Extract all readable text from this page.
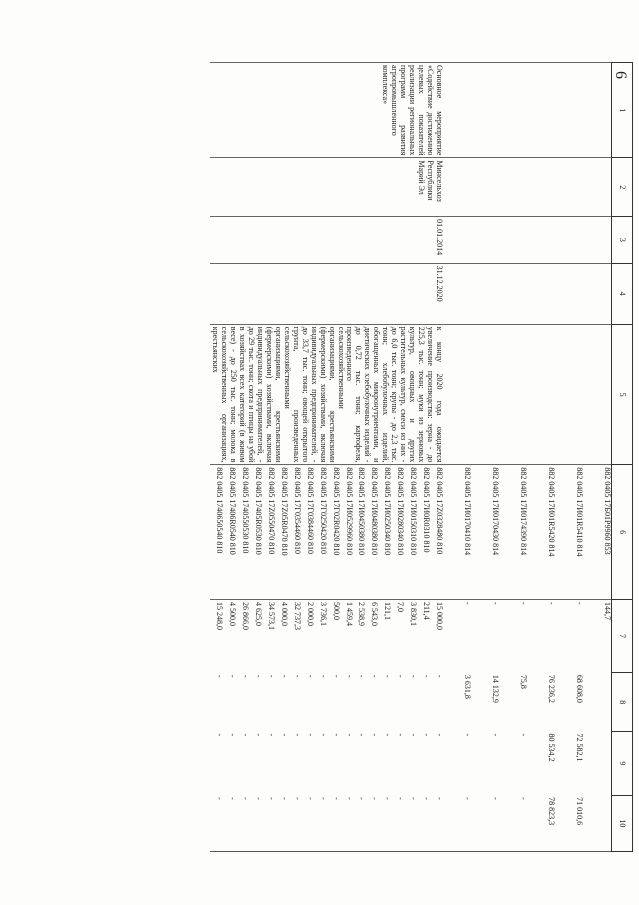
6
1	2	3	4	5	6	7	8	9	10
					882 0405 17Б01Р9960 853	144,7			
					882 0405 17И01R5410 814	-	68 608,0	72 582,1	71 010,6
					882 0405 17И01R5420 814	-	76 236,2	80 534,2	78 823,3
					882 0405 17И0174390 814	-	75,8	-	-
					882 0405 17И0170430 814	-	14 132,9	-	-
					882 0405 17И0170410 814	-	3 631,8	-	-
Основное мероприятие «Содействие достижению целевых показателей реализации региональных программ развития агропромышленного комплекса»	Минсельхоз Республики Марий Эл	01.01.2014	31.12.2020	к концу 2020 года ожидается увеличение производства: зерна - до 225,3 тыс. тонн; муки из зерновых культур, овощных и других растительных культур, смеси из них - до 6,0 тыс. тонн; крупы - до 2,3 тыс. тонн; хлебобулочных изделий, обогащенных микронутриентами, и диетических хлебобулочных изделий - до 0,72 тыс. тонн; картофеля, произведенного сельскохозяйственными организациями, крестьянскими (фермерскими) хозяйствами, включая индивидуальных предпринимателей, - до 33,7 тыс. тонн; овощей открытого грунта, произведенных сельскохозяйственными организациями, крестьянскими (фермерскими) хозяйствами, включая индивидуальных предпринимателей, - до 29 тыс. тонн; скота и птицы на убой в хозяйствах всех категорий (в живом весе) - до 250 тыс. тонн; молока в сельскохозяйственных организациях, крестьянских	882 0405 17Z0328480 810	15 000,0	-	-	-
					882 0405 17И0R0310 810	211,4	-	-	-
					882 0405 17И0150310 810	3 830,1	-	-	-
					882 0405 17И0280340 810	7,0	-	-	-
					882 0405 17И0250340 810	121,1	-	-	-
					882 0405 17И0480380 810	6 543,0	-	-	-
					882 0405 17И0450380 810	2 538,9	-	-	-
					882 0405 17И0529960 810	1 459,4	-	-	-
					882 0405 17Г02R0420 810	500,0	-	-	-
					882 0405 17Г0250420 810	3 736,1	-	-	-
					882 0405 17Г0384460 810	2 000,0	-	-	-
					882 0405 17Г0354460 810	32 737,3	-	-	-
					882 0405 17Z05R0470 810	4 000,0	-	-	-
					882 0405 17Z0550470 810	34 573,1	-	-	-
					882 0405 17405R0530 810	4 625,0	-	-	-
					882 0405 1740550530 810	26 866,0	-	-	-
					882 0405 17406R0540 810	4 500,0	-	-	-
					882 0405 1740650540 810	15 248,0	-	-	-
